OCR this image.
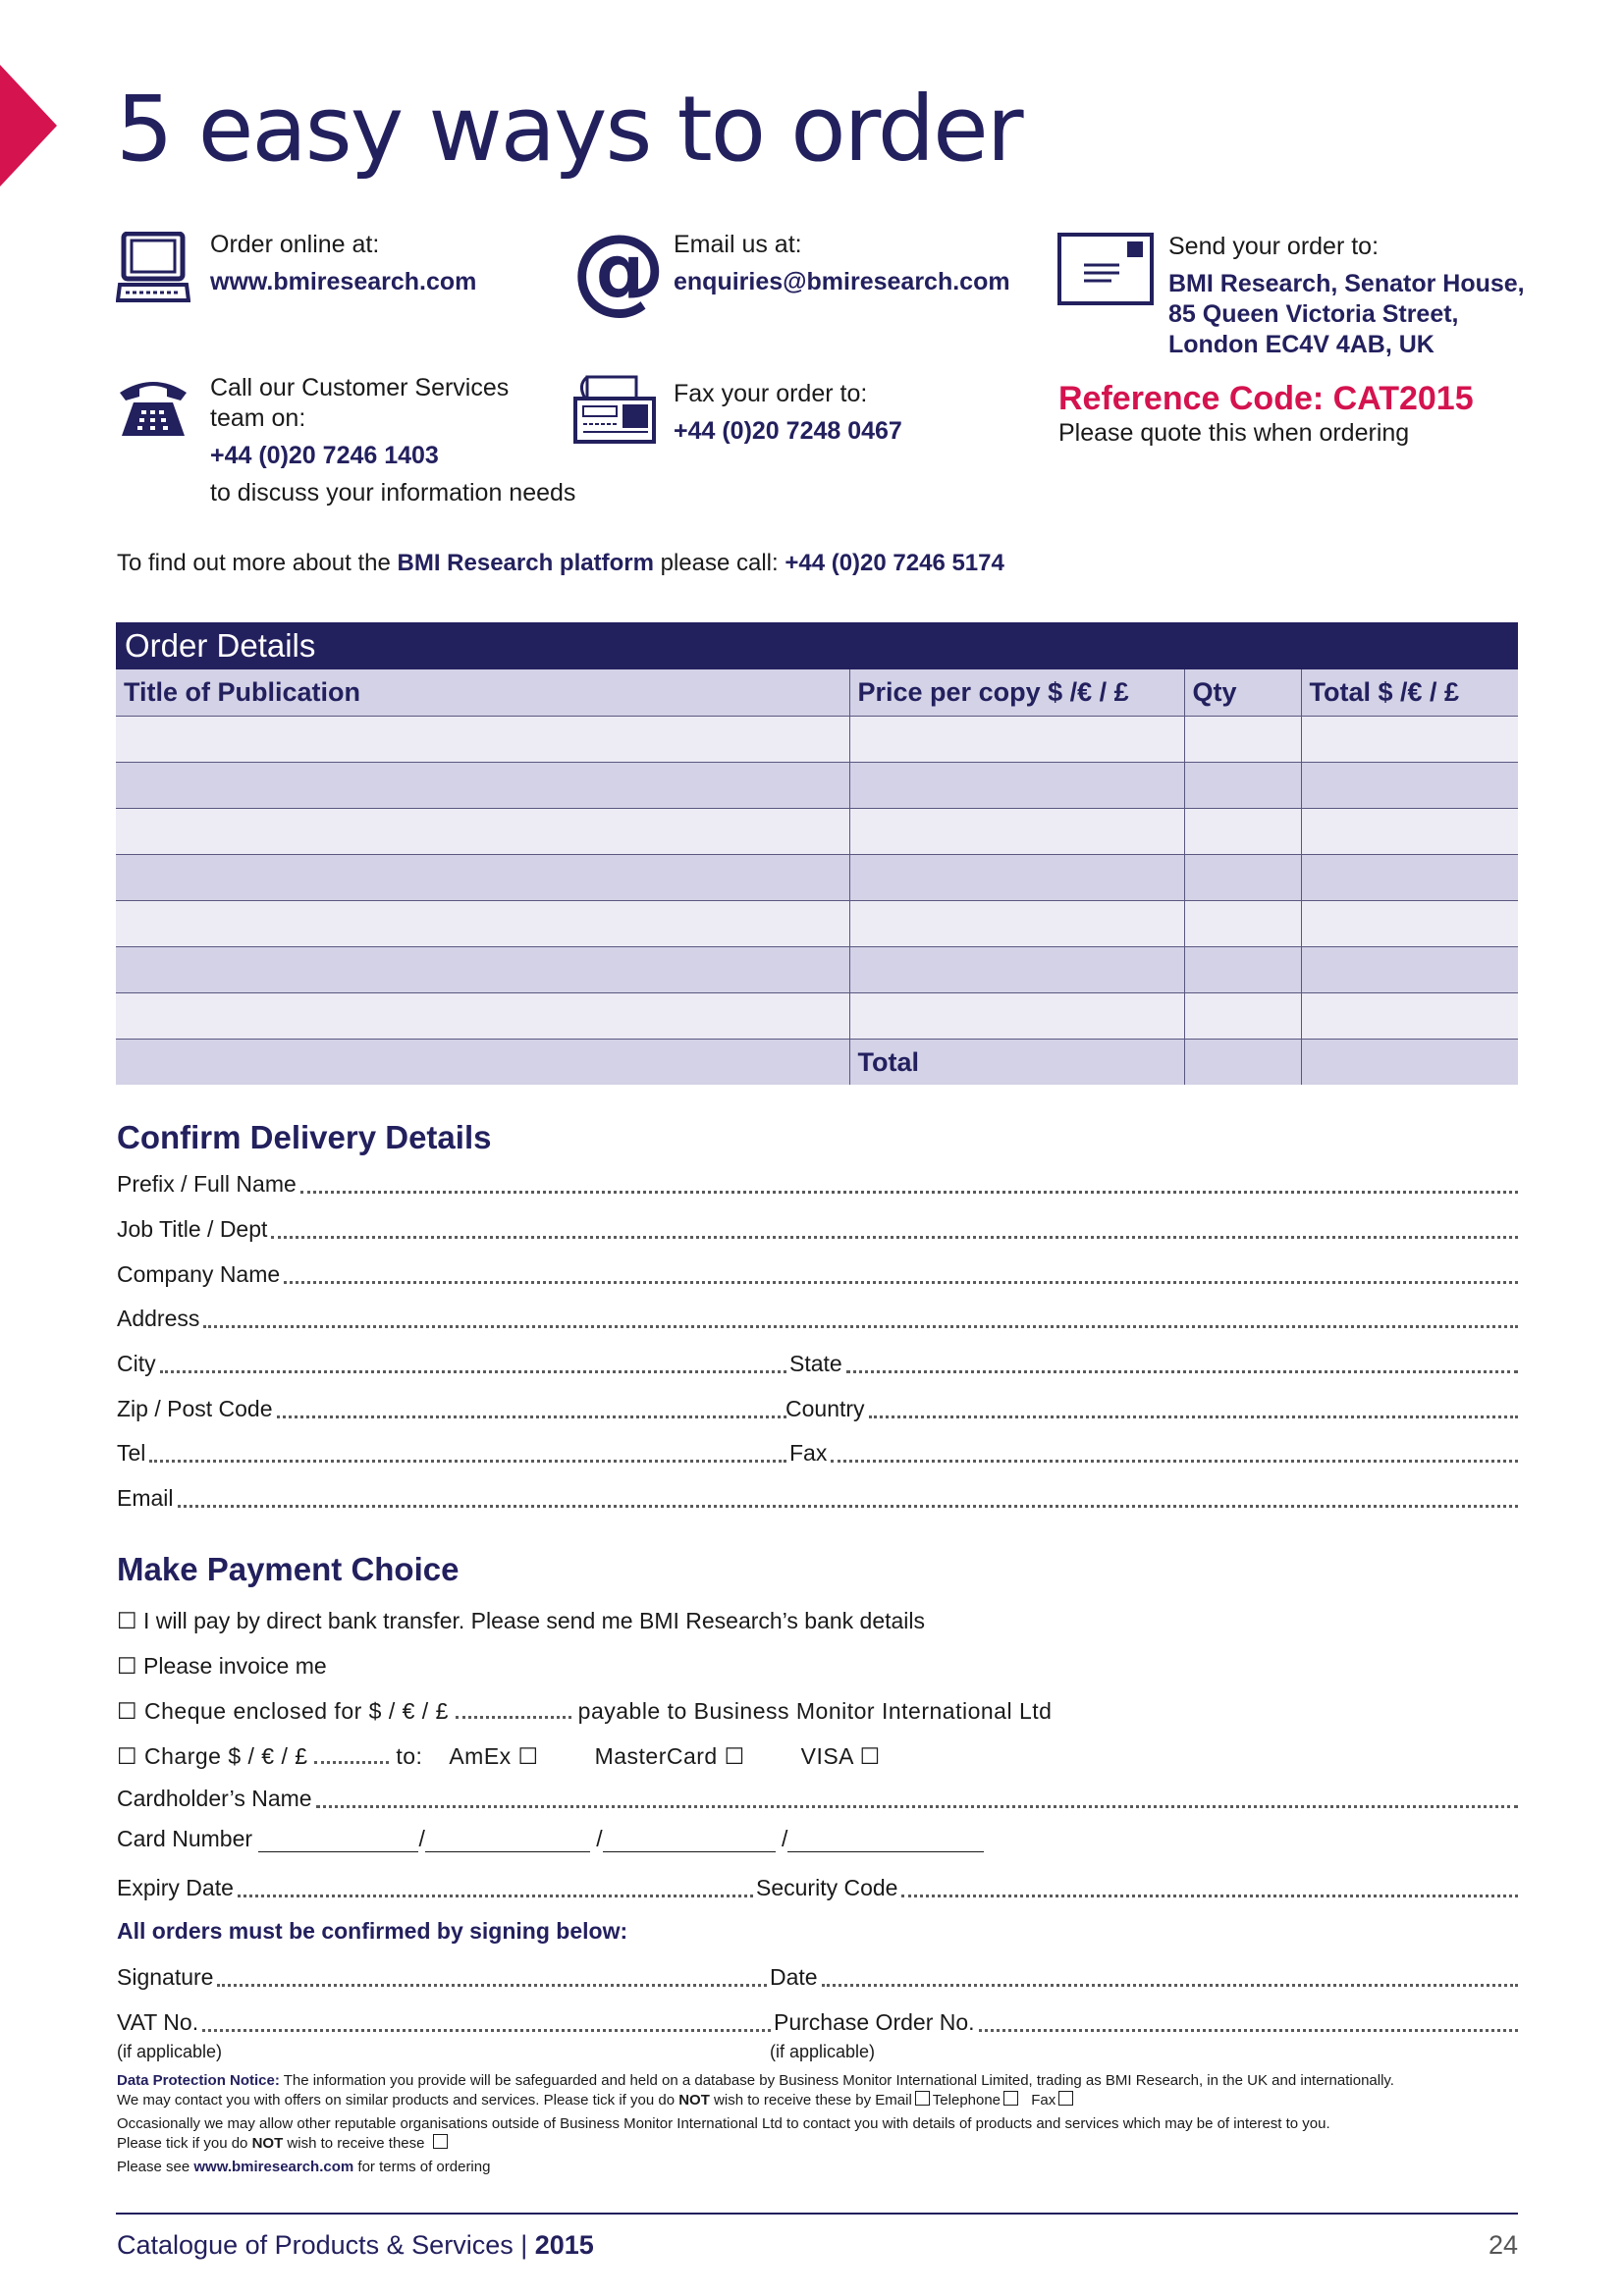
5 easy ways to order
Order online at:
www.bmiresearch.com @ Email us at:
enquiries@bmiresearch.com
Send your order to:
BMI Research, Senator House,
85 Queen Victoria Street,
London EC4V 4AB, UK
Call our Customer Services
team on:
+44 (0)20 7246 1403
to discuss your information needs
Fax your order to:
+44 (0)20 7248 0467
Reference Code: CAT2015
Please quote this when ordering
To find out more about the BMI Research platform please call: +44 (0)20 7246 5174
Order Details			
Title of Publication	Price per copy $ /€ / £	Qty	Total $ /€ / £

	Total		
Confirm Delivery Details
Prefix / Full Name
Job Title / Dept
Company Name
Address
City	State
Zip / Post Code	Country
Tel	Fax
Email
Make Payment Choice
☐ I will pay by direct bank transfer. Please send me BMI Research’s bank details
☐ Please invoice me
☐ Cheque enclosed for $ / € / £	payable to Business Monitor International Ltd
☐ Charge $ / € / £	to: AmEx ☐ MasterCard ☐ VISA ☐
Cardholder’s Name
Card Number	/	/	/
Expiry Date	Security Code
All orders must be confirmed by signing below:
Signature	Date
VAT No.	Purchase Order No.
(if applicable)	(if applicable)

Data Protection Notice: The information you provide will be safeguarded and held on a database by Business Monitor International Limited, trading as BMI Research, in the UK and internationally.

We may contact you with offers on similar products and services. Please tick if you do NOT wish to receive these by Email Telephone Fax

Occasionally we may allow other reputable organisations outside of Business Monitor International Ltd to contact you with details of products and services which may be of interest to you.

Please tick if you do NOT wish to receive these

Please see www.bmiresearch.com for terms of ordering

Catalogue of Products & Services | 2015	24
